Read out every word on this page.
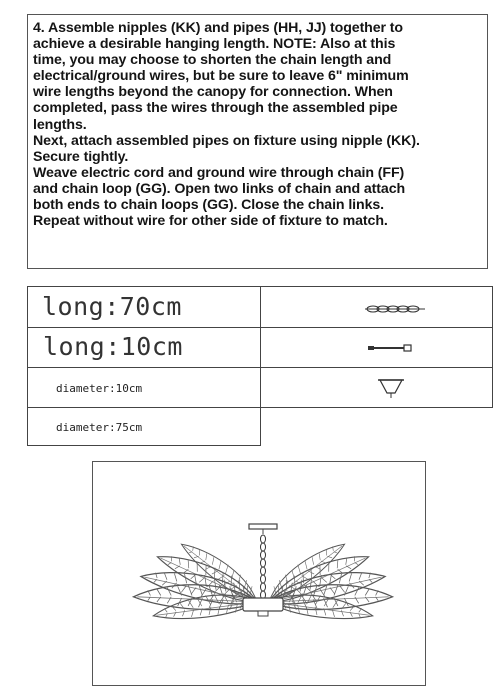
4. Assemble nipples (KK) and pipes (HH, JJ) together to
achieve a desirable hanging length. NOTE: Also at this
time, you may choose to shorten the chain length and
electrical/ground wires, but be sure to leave 6" minimum
wire lengths beyond the canopy for connection. When
completed, pass the wires through the assembled pipe
lengths.
Next, attach assembled pipes on fixture using nipple (KK).
Secure tightly.
Weave electric cord and ground wire through chain (FF)
and chain loop (GG). Open two links of chain and attach
both ends to chain loops (GG). Close the chain links.
Repeat without wire for other side of fixture to match.
long:70cm
long:10cm
diameter:10cm
diameter:75cm
